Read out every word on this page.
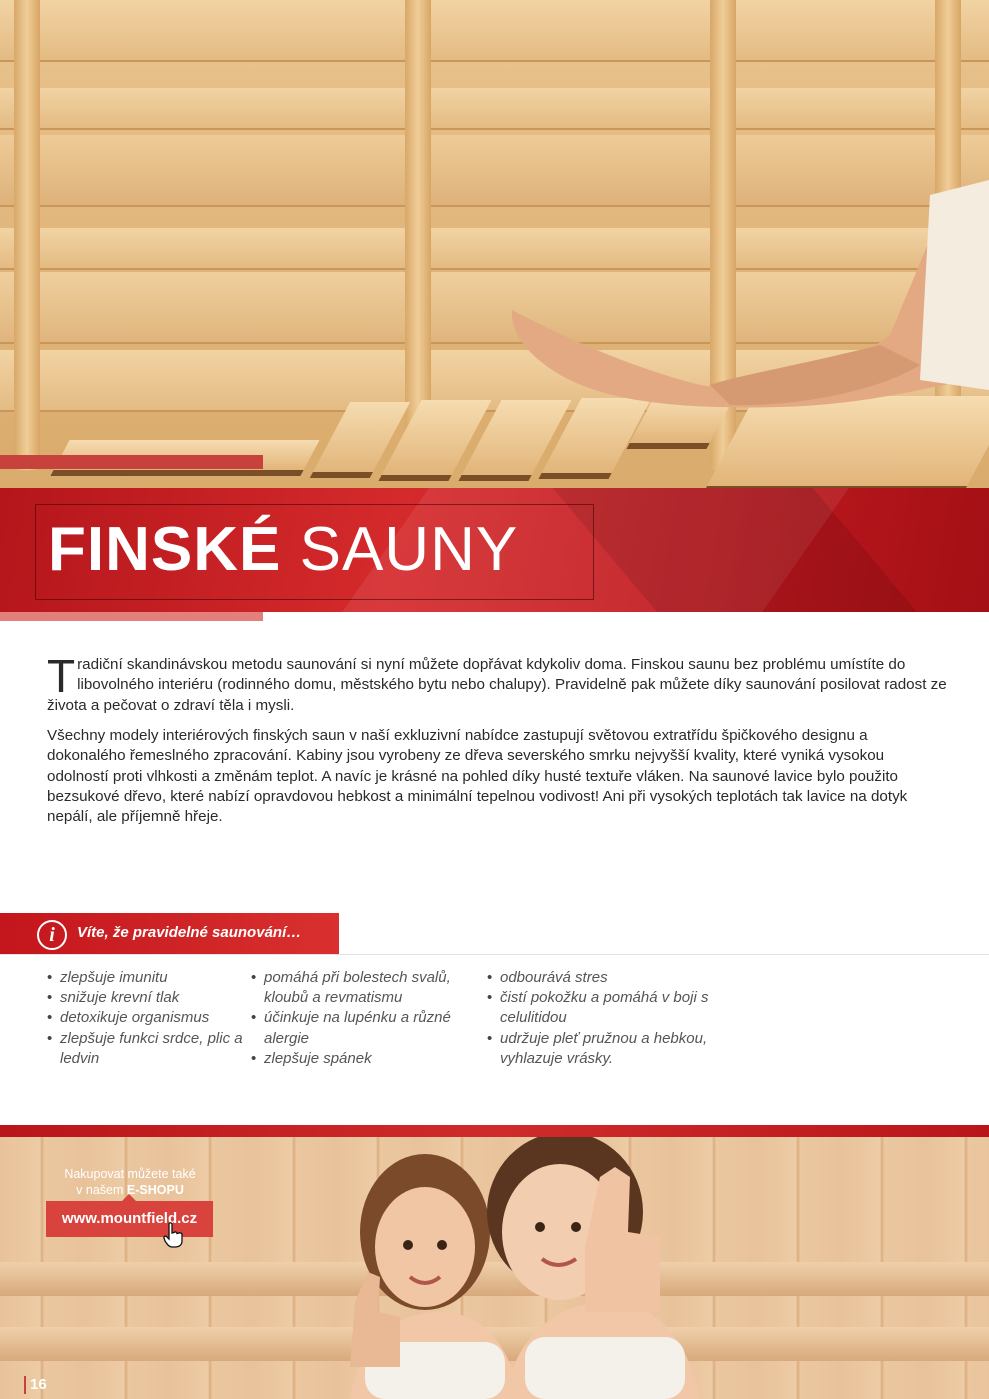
FINSKÉ SAUNY
Tradiční skandinávskou metodu saunování si nyní můžete dopřávat kdykoliv doma. Finskou saunu bez problému umístíte do libovolného interiéru (rodinného domu, městského bytu nebo chalupy). Pravidelně pak můžete díky saunování posilovat radost ze života a pečovat o zdraví těla i mysli.
Všechny modely interiérových finských saun v naší exkluzivní nabídce zastupují světovou extratřídu špičkového designu a dokonalého řemeslného zpracování. Kabiny jsou vyrobeny ze dřeva severského smrku nejvyšší kvality, které vyniká vysokou odolností proti vlhkosti a změnám teplot. A navíc je krásné na pohled díky husté textuře vláken. Na saunové lavice bylo použito bezsukové dřevo, které nabízí opravdovou hebkost a minimální tepelnou vodivost! Ani při vysokých teplotách tak lavice na dotyk nepálí, ale příjemně hřeje.
i	Víte, že pravidelné saunování…
• zlepšuje imunitu
• snižuje krevní tlak
• detoxikuje organismus
• zlepšuje funkci srdce, plic a ledvin
• pomáhá při bolestech svalů, kloubů a revmatismu
• účinkuje na lupénku a různé alergie
• zlepšuje spánek
• odbourává stres
• čistí pokožku a pomáhá v boji s celulitidou
• udržuje pleť pružnou a hebkou, vyhlazuje vrásky.
Nakupovat můžete také
v našem E-SHOPU
www.mountfield.cz
16
